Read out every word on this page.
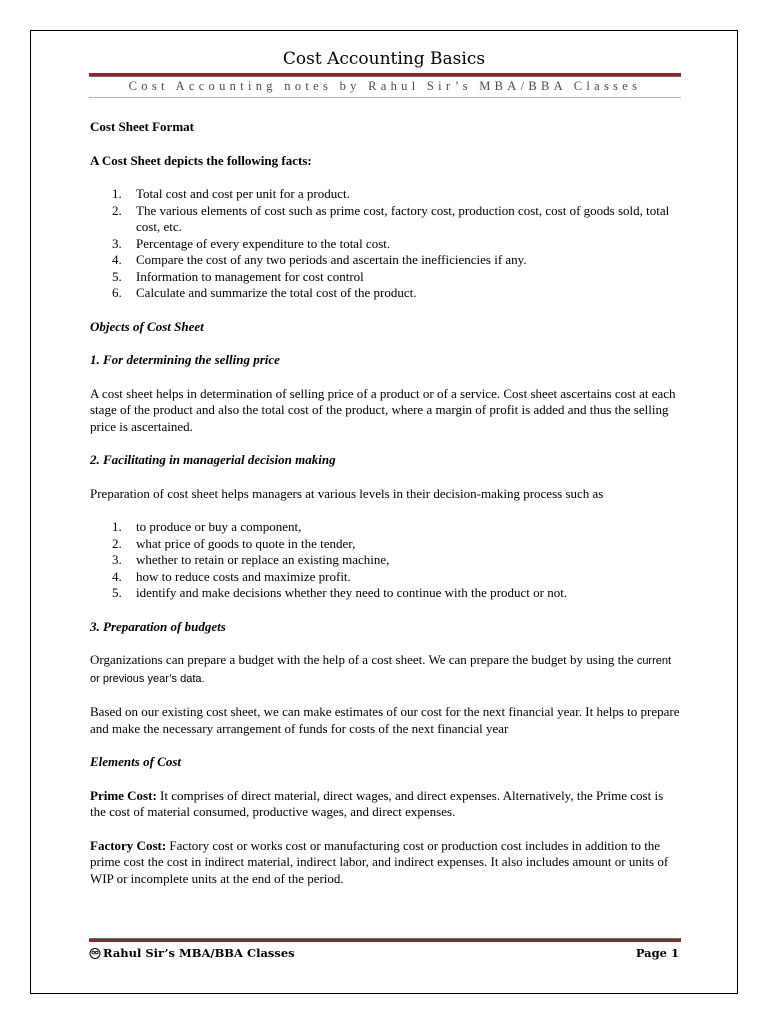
Cost Accounting Basics
Cost Accounting notes by Rahul Sir’s MBA/BBA Classes

Cost Sheet Format

A Cost Sheet depicts the following facts:

1. Total cost and cost per unit for a product.
2. The various elements of cost such as prime cost, factory cost, production cost, cost of goods sold, total cost, etc.
3. Percentage of every expenditure to the total cost.
4. Compare the cost of any two periods and ascertain the inefficiencies if any.
5. Information to management for cost control
6. Calculate and summarize the total cost of the product.

Objects of Cost Sheet

1. For determining the selling price

A cost sheet helps in determination of selling price of a product or of a service. Cost sheet ascertains cost at each stage of the product and also the total cost of the product, where a margin of profit is added and thus the selling price is ascertained.

2. Facilitating in managerial decision making

Preparation of cost sheet helps managers at various levels in their decision-making process such as

1. to produce or buy a component,
2. what price of goods to quote in the tender,
3. whether to retain or replace an existing machine,
4. how to reduce costs and maximize profit.
5. identify and make decisions whether they need to continue with the product or not.

3. Preparation of budgets

Organizations can prepare a budget with the help of a cost sheet. We can prepare the budget by using the current or previous year’s data.

Based on our existing cost sheet, we can make estimates of our cost for the next financial year. It helps to prepare and make the necessary arrangement of funds for costs of the next financial year

Elements of Cost

Prime Cost: It comprises of direct material, direct wages, and direct expenses. Alternatively, the Prime cost is the cost of material consumed, productive wages, and direct expenses.

Factory Cost: Factory cost or works cost or manufacturing cost or production cost includes in addition to the prime cost the cost in indirect material, indirect labor, and indirect expenses. It also includes amount or units of WIP or incomplete units at the end of the period.

Rahul Sir’s MBA/BBA Classes	Page 1
